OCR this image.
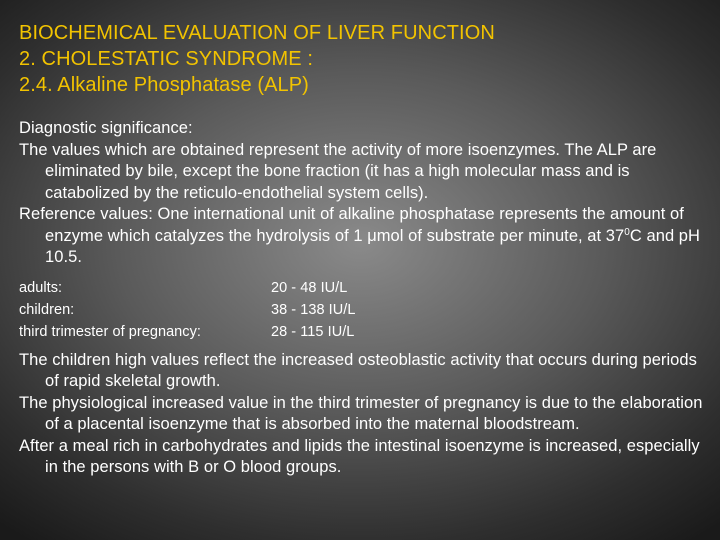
BIOCHEMICAL EVALUATION OF LIVER FUNCTION
2. CHOLESTATIC SYNDROME :
2.4. Alkaline Phosphatase (ALP)

Diagnostic significance:

The values which are obtained represent the activity of more isoenzymes. The ALP are eliminated by bile, except the bone fraction (it has a high molecular mass and is catabolized by the reticulo-endothelial system cells).

Reference values: One international unit of alkaline phosphatase represents the amount of enzyme which catalyzes the hydrolysis of 1 μmol of substrate per minute, at $37^0C$ and pH 10.5.

adults:	20 - 48 IU/L
children:	38 - 138 IU/L
third trimester of pregnancy:	28 - 115 IU/L

The children high values reflect the increased osteoblastic activity that occurs during periods of rapid skeletal growth.

The physiological increased value in the third trimester of pregnancy is due to the elaboration of a placental isoenzyme that is absorbed into the maternal bloodstream.

After a meal rich in carbohydrates and lipids the intestinal isoenzyme is increased, especially in the persons with B or O blood groups.
